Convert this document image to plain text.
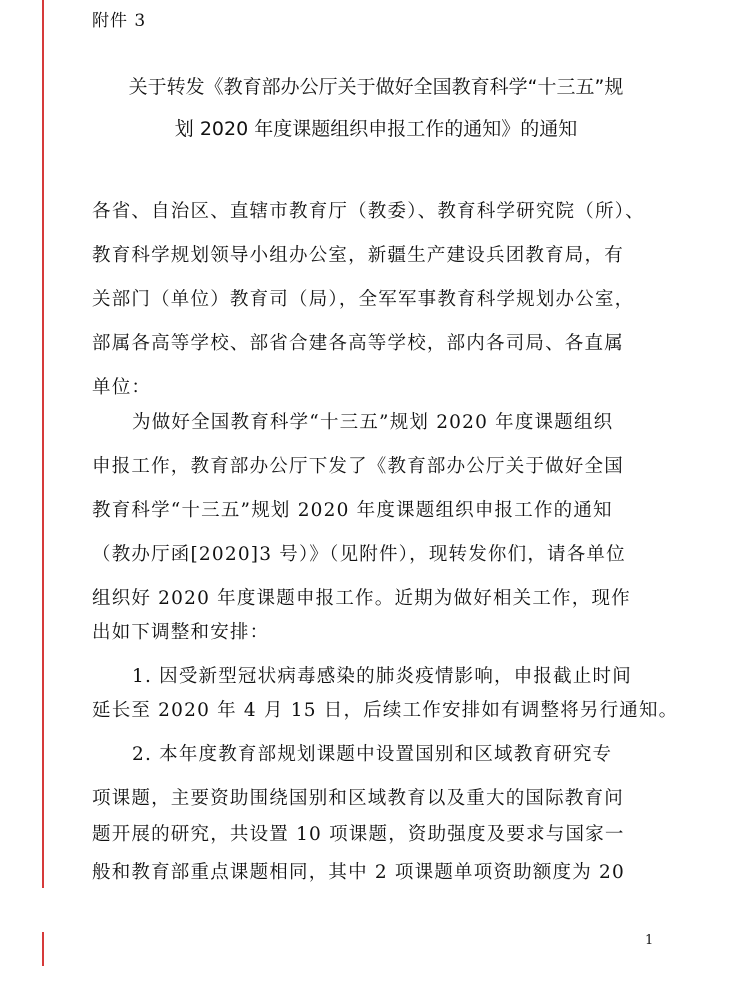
附件 3
关于转发《教育部办公厅关于做好全国教育科学“十三五”规
划 2020 年度课题组织申报工作的通知》的通知
各省、自治区、直辖市教育厅（教委）、教育科学研究院（所）、
教育科学规划领导小组办公室，新疆生产建设兵团教育局，有
关部门（单位）教育司（局），全军军事教育科学规划办公室，
部属各高等学校、部省合建各高等学校，部内各司局、各直属
单位：
为做好全国教育科学“十三五”规划 2020 年度课题组织
申报工作，教育部办公厅下发了《教育部办公厅关于做好全国
教育科学“十三五”规划 2020 年度课题组织申报工作的通知
（教办厅函[2020]3 号）》（见附件），现转发你们，请各单位
组织好 2020 年度课题申报工作。近期为做好相关工作，现作
出如下调整和安排：
1. 因受新型冠状病毒感染的肺炎疫情影响，申报截止时间
延长至 2020 年 4 月 15 日，后续工作安排如有调整将另行通知。
2. 本年度教育部规划课题中设置国别和区域教育研究专
项课题，主要资助围绕国别和区域教育以及重大的国际教育问
题开展的研究，共设置 10 项课题，资助强度及要求与国家一
般和教育部重点课题相同，其中 2 项课题单项资助额度为 20
1
